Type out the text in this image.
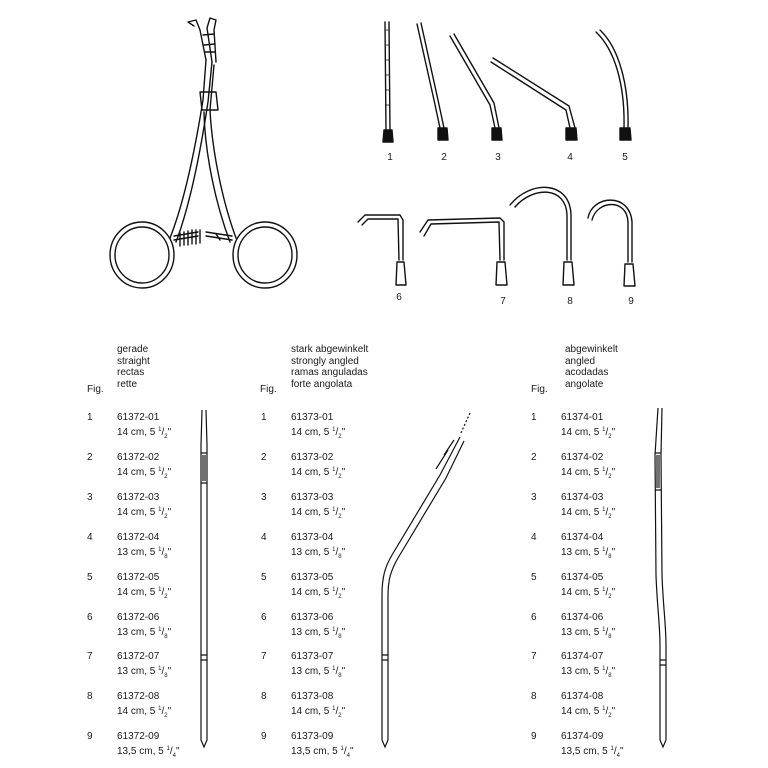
1	2	3	4	5
6	7	8	9
gerade
straight
rectas
rette
Fig.
1	61372-01
14 cm, 5 $^1/_2$"
2	61372-02
14 cm, 5 $^1/_2$"
3	61372-03
14 cm, 5 $^1/_2$"
4	61372-04
13 cm, 5 $^1/_8$"
5	61372-05
14 cm, 5 $^1/_2$"
6	61372-06
13 cm, 5 $^1/_8$"
7	61372-07
13 cm, 5 $^1/_8$"
8	61372-08
14 cm, 5 $^1/_2$"
9	61372-09
13,5 cm, 5 $^1/_4$"
stark abgewinkelt
strongly angled
ramas anguladas
forte angolata
Fig.
1	61373-01
14 cm, 5 $^1/_2$"
2	61373-02
14 cm, 5 $^1/_2$"
3	61373-03
14 cm, 5 $^1/_2$"
4	61373-04
13 cm, 5 $^1/_8$"
5	61373-05
14 cm, 5 $^1/_2$"
6	61373-06
13 cm, 5 $^1/_8$"
7	61373-07
13 cm, 5 $^1/_8$"
8	61373-08
14 cm, 5 $^1/_2$"
9	61373-09
13,5 cm, 5 $^1/_4$"
abgewinkelt
angled
acodadas
angolate
Fig.
1	61374-01
14 cm, 5 $^1/_2$"
2	61374-02
14 cm, 5 $^1/_2$"
3	61374-03
14 cm, 5 $^1/_2$"
4	61374-04
13 cm, 5 $^1/_8$"
5	61374-05
14 cm, 5 $^1/_2$"
6	61374-06
13 cm, 5 $^1/_8$"
7	61374-07
13 cm, 5 $^1/_8$"
8	61374-08
14 cm, 5 $^1/_2$"
9	61374-09
13,5 cm, 5 $^1/_4$"
